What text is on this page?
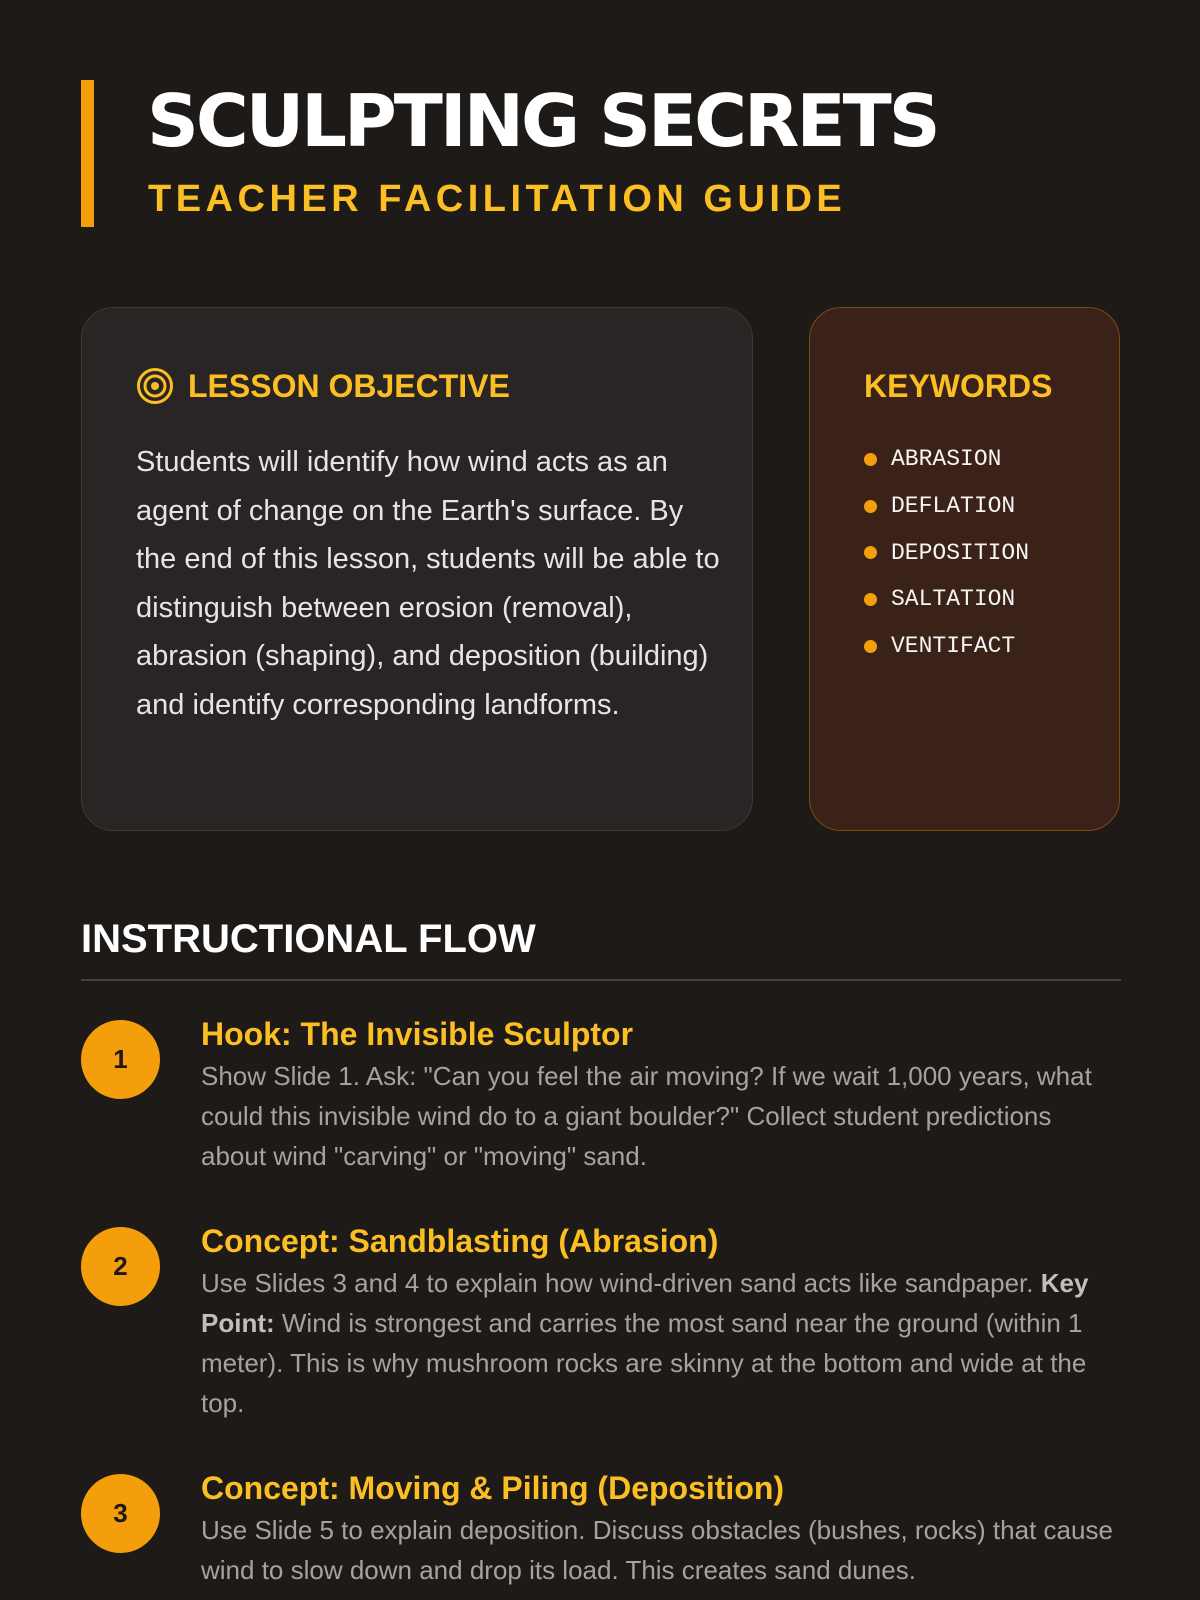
SCULPTING SECRETS
TEACHER FACILITATION GUIDE
LESSON OBJECTIVE

Students will identify how wind acts as an agent of change on the Earth's surface. By the end of this lesson, students will be able to distinguish between erosion (removal), abrasion (shaping), and deposition (building) and identify corresponding landforms.

KEYWORDS
ABRASION
DEFLATION
DEPOSITION
SALTATION
VENTIFACT
INSTRUCTIONAL FLOW
1
Hook: The Invisible Sculptor

Show Slide 1. Ask: "Can you feel the air moving? If we wait 1,000 years, what could this invisible wind do to a giant boulder?" Collect student predictions about wind "carving" or "moving" sand.

2
Concept: Sandblasting (Abrasion)

Use Slides 3 and 4 to explain how wind-driven sand acts like sandpaper. Key Point: Wind is strongest and carries the most sand near the ground (within 1 meter). This is why mushroom rocks are skinny at the bottom and wide at the top.

3
Concept: Moving & Piling (Deposition)

Use Slide 5 to explain deposition. Discuss obstacles (bushes, rocks) that cause wind to slow down and drop its load. This creates sand dunes.
